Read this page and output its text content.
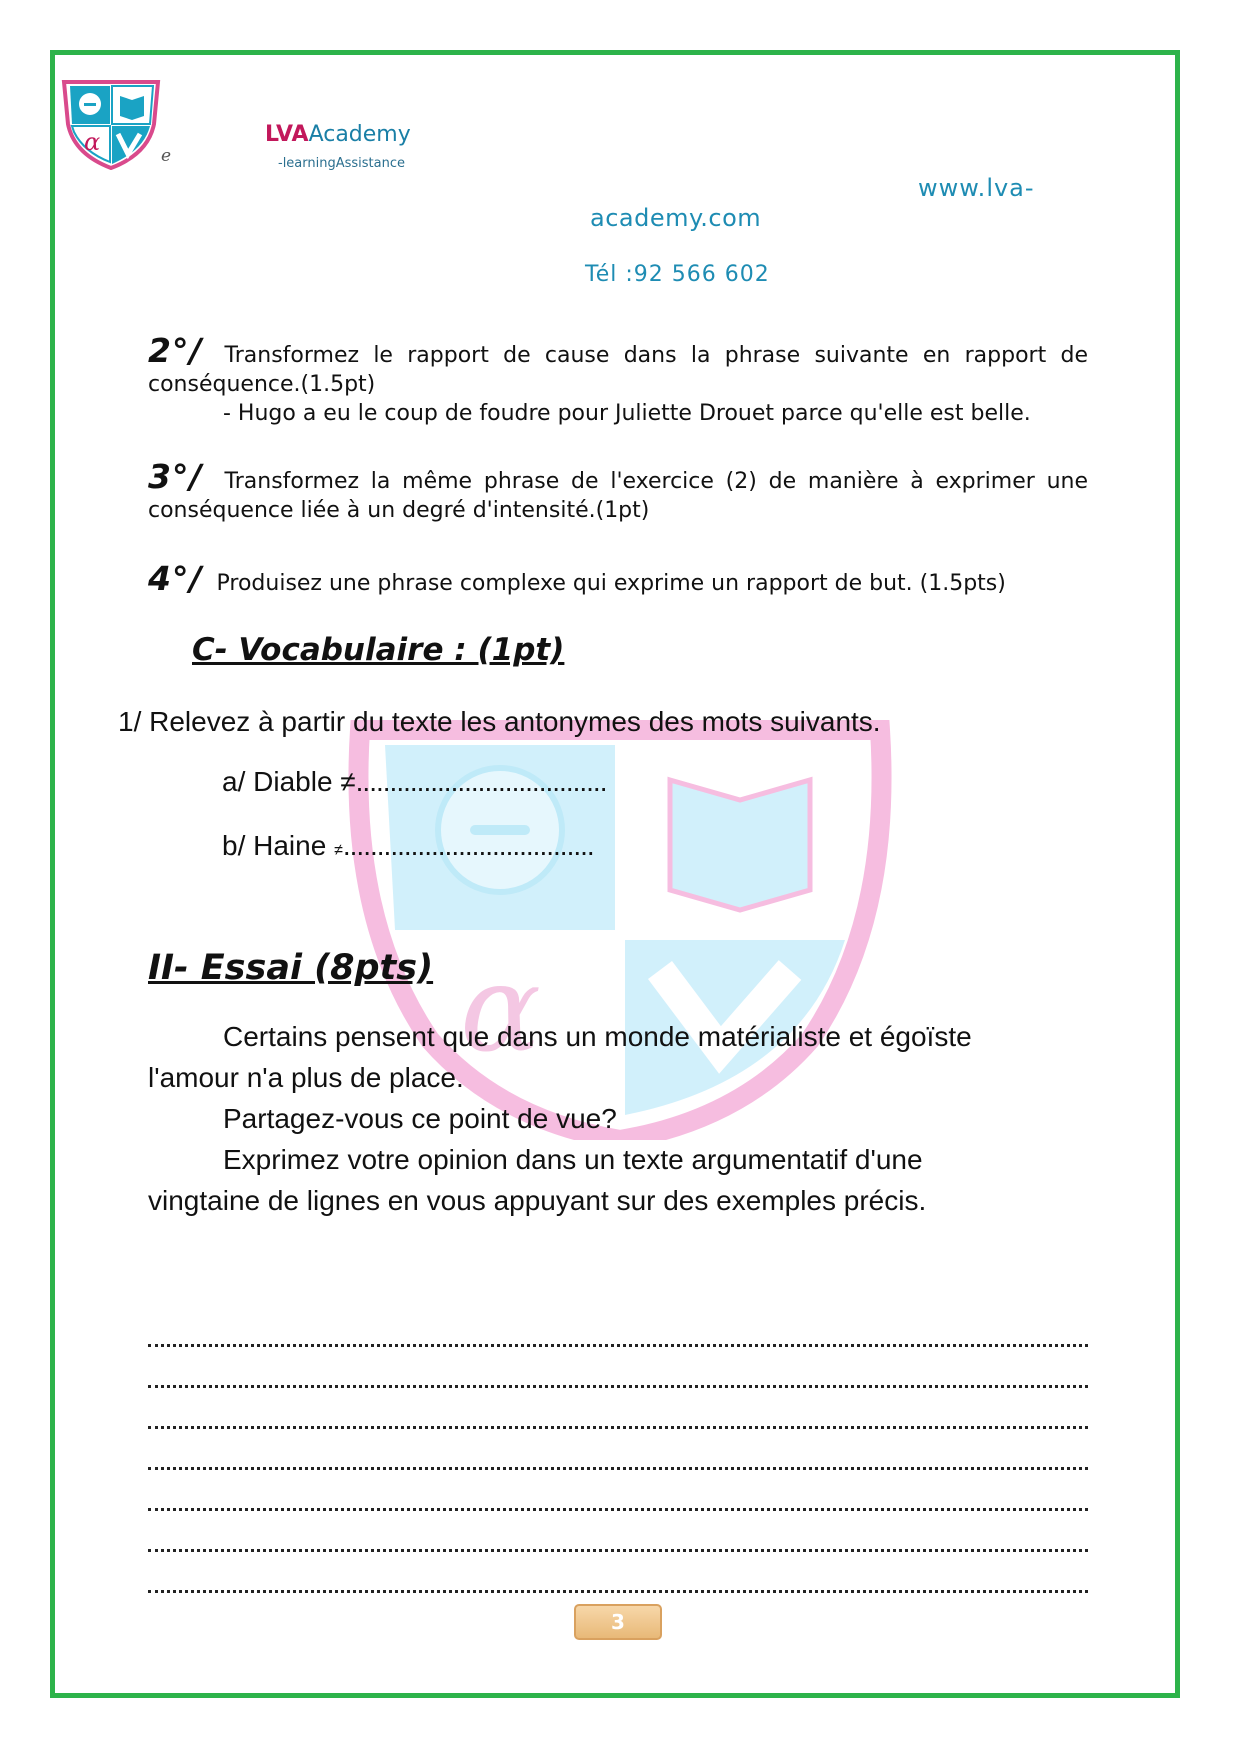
α	e
LVAAcademy
-learningAssistance
www.lva-
academy.com
Tél :92 566 602
α
2°/ Transformez le rapport de cause dans la phrase suivante en rapport de conséquence.(1.5pt)
- Hugo a eu le coup de foudre pour Juliette Drouet parce qu'elle est belle.
3°/ Transformez la même phrase de l'exercice (2) de manière à exprimer une conséquence liée à un degré d'intensité.(1pt)
4°/ Produisez une phrase complexe qui exprime un rapport de but. (1.5pts)
C- Vocabulaire : (1pt)
1/ Relevez à partir du texte les antonymes des mots suivants.
a/ Diable ≠.....................................
b/ Haine ≠.....................................
II- Essai (8pts)
Certains pensent que dans un monde matérialiste et égoïste
l'amour n'a plus de place.
Partagez-vous ce point de vue?
Exprimez votre opinion dans un texte argumentatif d'une
vingtaine de lignes en vous appuyant sur des exemples précis.
3
